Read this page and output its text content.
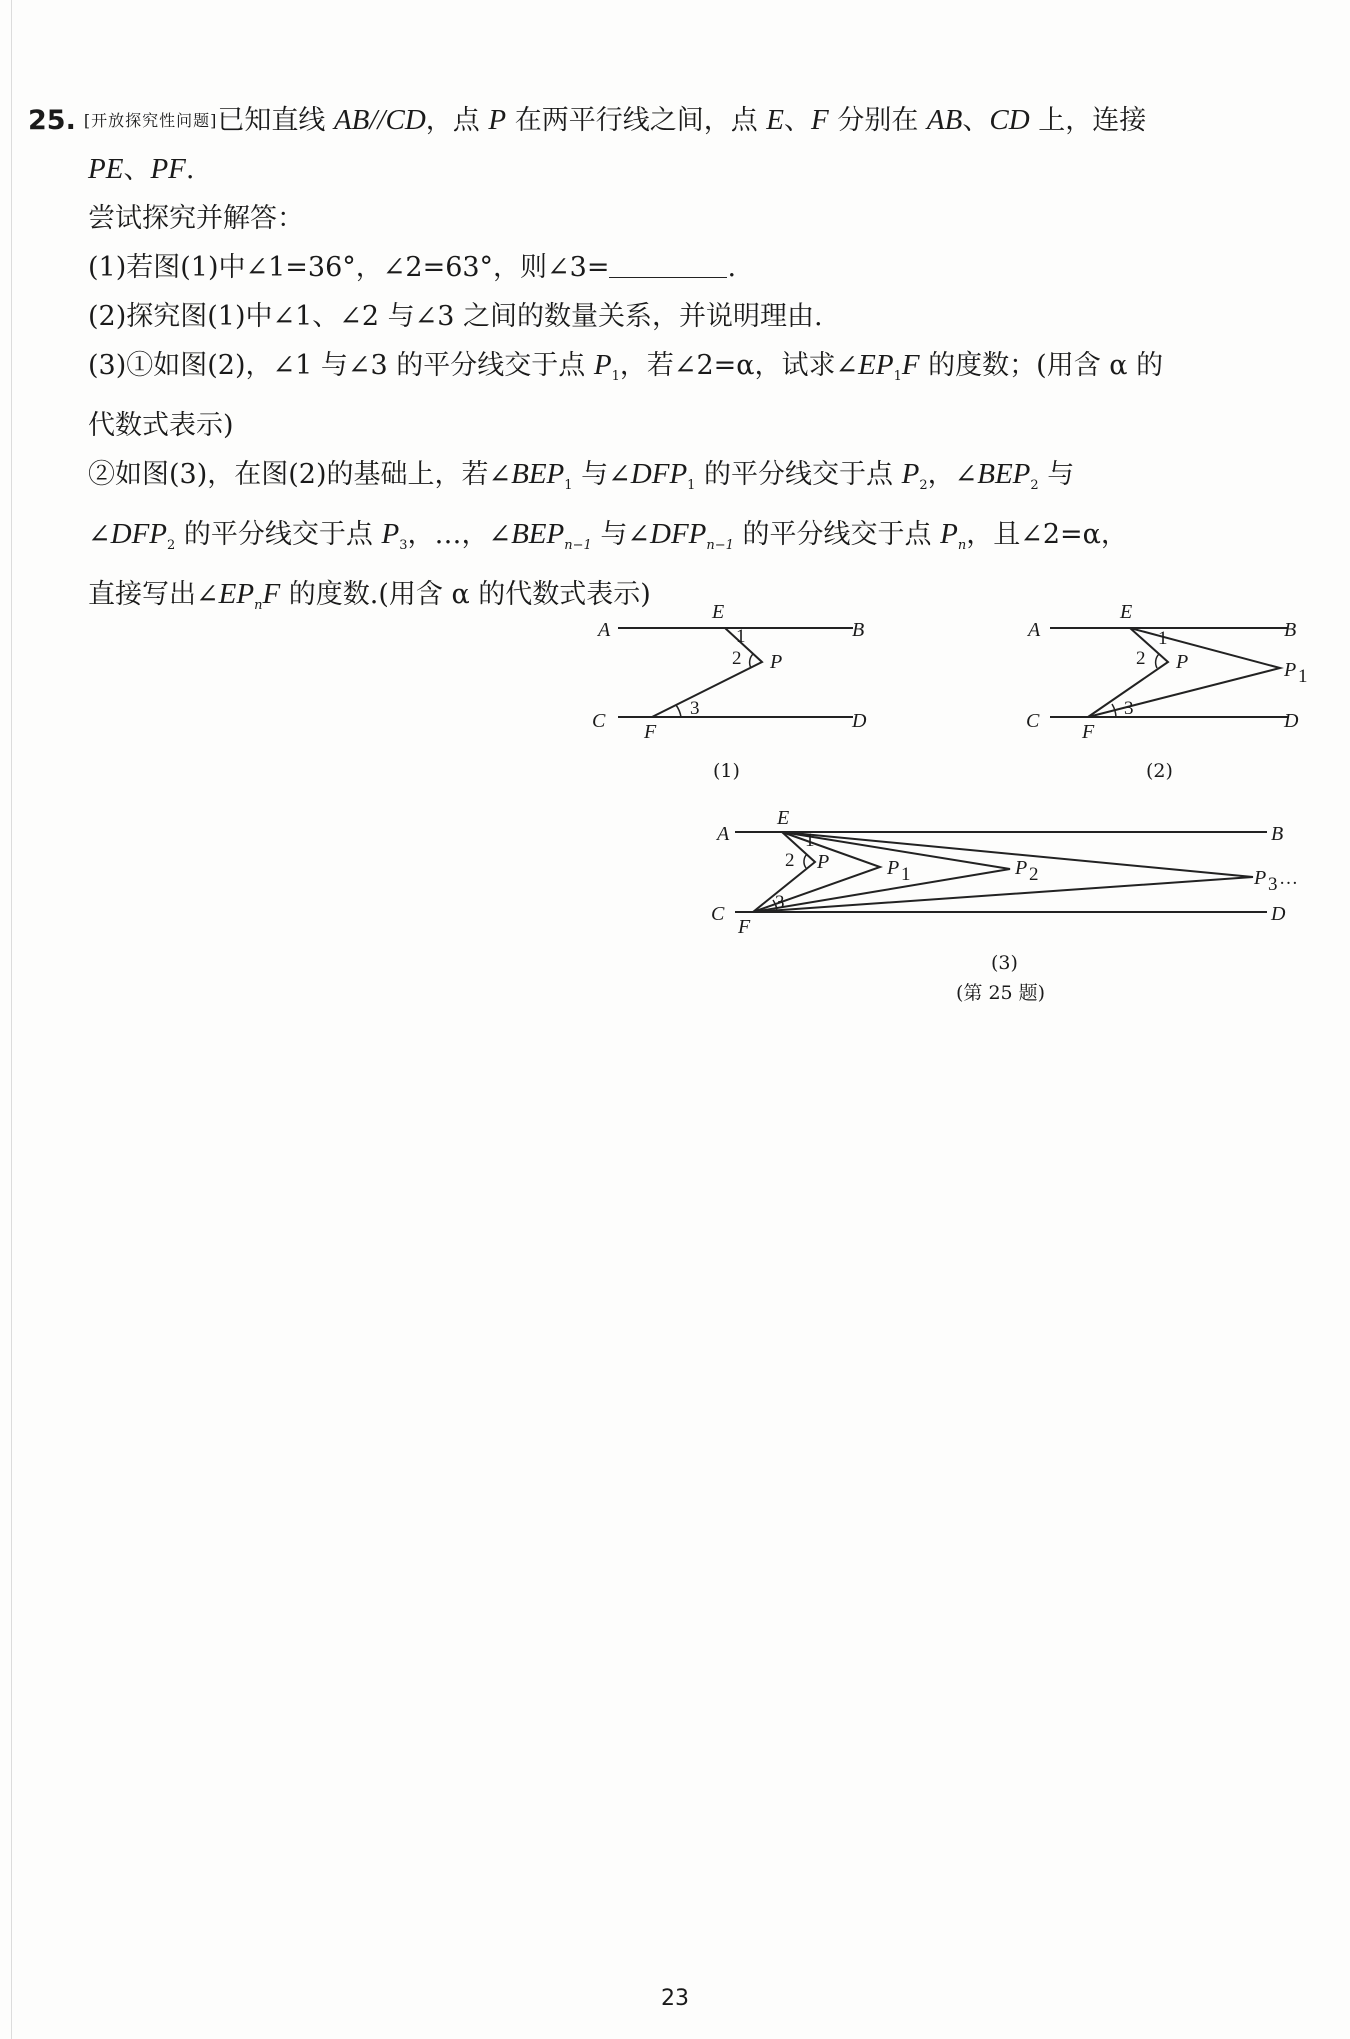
25. [开放探究性问题]已知直线 AB//CD，点 P 在两平行线之间，点 E、F 分别在 AB、CD 上，连接

PE、PF.

尝试探究并解答：

(1)若图(1)中∠1=36°，∠2=63°，则∠3=	.

(2)探究图(1)中∠1、∠2 与∠3 之间的数量关系，并说明理由.

(3)①如图(2)，∠1 与∠3 的平分线交于点 $P_1$，若∠2=α，试求$\angle EP_1F$ 的度数；(用含 α 的

代数式表示)

②如图(3)，在图(2)的基础上，若$\angle BEP_1$ 与$\angle DFP_1$ 的平分线交于点 $P_2$，$\angle BEP_2$ 与

$\angle DFP_2$ 的平分线交于点 $P_3$，…，$\angle BEP_{n-1}$ 与$\angle DFP_{n-1}$ 的平分线交于点 $P_n$，且∠2=α，

直接写出$\angle EP_nF$ 的度数.(用含 α 的代数式表示)

A	B
C	D
E
F
P
1
2
3
(1)
A	B
C	D
E
F
P	P 1
1
2
3
(2)
A	B
C	D
E
F
P	P 1	P 2	P 3 …
1
2
3
(3)
(第 25 题)
23
